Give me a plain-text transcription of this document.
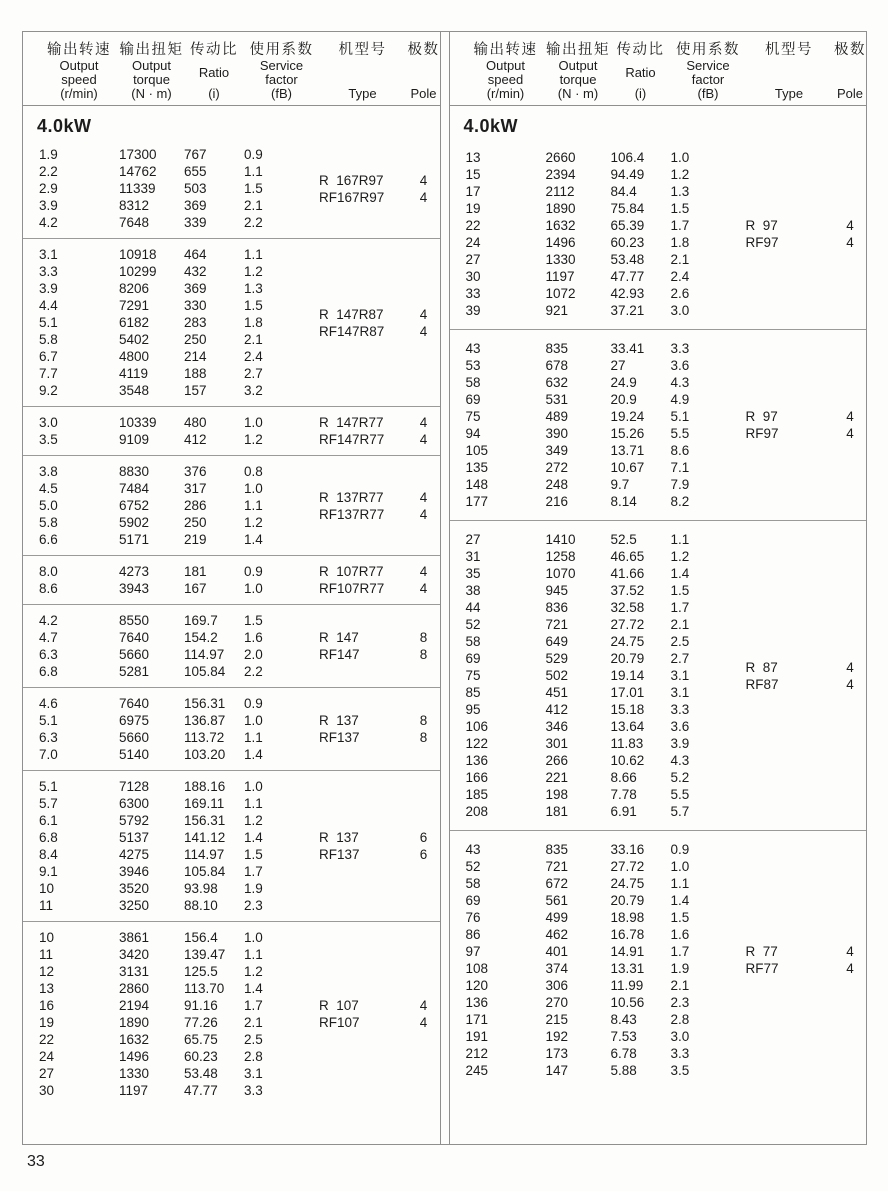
输出转速
Output
speed
(r/min)
输出扭矩
Output
torque
(N · m)
传动比
Ratio
(i)
使用系数
Service
factor
(fB)
机型号
Type
极数
Pole
4.0kW
1.9	17300	767	0.9
2.2	14762	655	1.1
2.9	11339	503	1.5
3.9	8312	369	2.1
4.2	7648	339	2.2
R  167R97	4
RF167R97	4
3.1	10918	464	1.1
3.3	10299	432	1.2
3.9	8206	369	1.3
4.4	7291	330	1.5
5.1	6182	283	1.8
5.8	5402	250	2.1
6.7	4800	214	2.4
7.7	4119	188	2.7
9.2	3548	157	3.2
R  147R87	4
RF147R87	4
3.0	10339	480	1.0
3.5	9109	412	1.2
R  147R77	4
RF147R77	4
3.8	8830	376	0.8
4.5	7484	317	1.0
5.0	6752	286	1.1
5.8	5902	250	1.2
6.6	5171	219	1.4
R  137R77	4
RF137R77	4
8.0	4273	181	0.9
8.6	3943	167	1.0
R  107R77	4
RF107R77	4
4.2	8550	169.7	1.5
4.7	7640	154.2	1.6
6.3	5660	114.97	2.0
6.8	5281	105.84	2.2
R  147	8
RF147	8
4.6	7640	156.31	0.9
5.1	6975	136.87	1.0
6.3	5660	113.72	1.1
7.0	5140	103.20	1.4
R  137	8
RF137	8
5.1	7128	188.16	1.0
5.7	6300	169.11	1.1
6.1	5792	156.31	1.2
6.8	5137	141.12	1.4
8.4	4275	114.97	1.5
9.1	3946	105.84	1.7
10	3520	93.98	1.9
11	3250	88.10	2.3
R  137	6
RF137	6
10	3861	156.4	1.0
11	3420	139.47	1.1
12	3131	125.5	1.2
13	2860	113.70	1.4
16	2194	91.16	1.7
19	1890	77.26	2.1
22	1632	65.75	2.5
24	1496	60.23	2.8
27	1330	53.48	3.1
30	1197	47.77	3.3
R  107	4
RF107	4
输出转速
Output
speed
(r/min)
输出扭矩
Output
torque
(N · m)
传动比
Ratio
(i)
使用系数
Service
factor
(fB)
机型号
Type
极数
Pole
4.0kW
13	2660	106.4	1.0
15	2394	94.49	1.2
17	2112	84.4	1.3
19	1890	75.84	1.5
22	1632	65.39	1.7
24	1496	60.23	1.8
27	1330	53.48	2.1
30	1197	47.77	2.4
33	1072	42.93	2.6
39	921	37.21	3.0
R  97	4
RF97	4
43	835	33.41	3.3
53	678	27	3.6
58	632	24.9	4.3
69	531	20.9	4.9
75	489	19.24	5.1
94	390	15.26	5.5
105	349	13.71	8.6
135	272	10.67	7.1
148	248	9.7	7.9
177	216	8.14	8.2
R  97	4
RF97	4
27	1410	52.5	1.1
31	1258	46.65	1.2
35	1070	41.66	1.4
38	945	37.52	1.5
44	836	32.58	1.7
52	721	27.72	2.1
58	649	24.75	2.5
69	529	20.79	2.7
75	502	19.14	3.1
85	451	17.01	3.1
95	412	15.18	3.3
106	346	13.64	3.6
122	301	11.83	3.9
136	266	10.62	4.3
166	221	8.66	5.2
185	198	7.78	5.5
208	181	6.91	5.7
R  87	4
RF87	4
43	835	33.16	0.9
52	721	27.72	1.0
58	672	24.75	1.1
69	561	20.79	1.4
76	499	18.98	1.5
86	462	16.78	1.6
97	401	14.91	1.7
108	374	13.31	1.9
120	306	11.99	2.1
136	270	10.56	2.3
171	215	8.43	2.8
191	192	7.53	3.0
212	173	6.78	3.3
245	147	5.88	3.5
R  77	4
RF77	4
33
